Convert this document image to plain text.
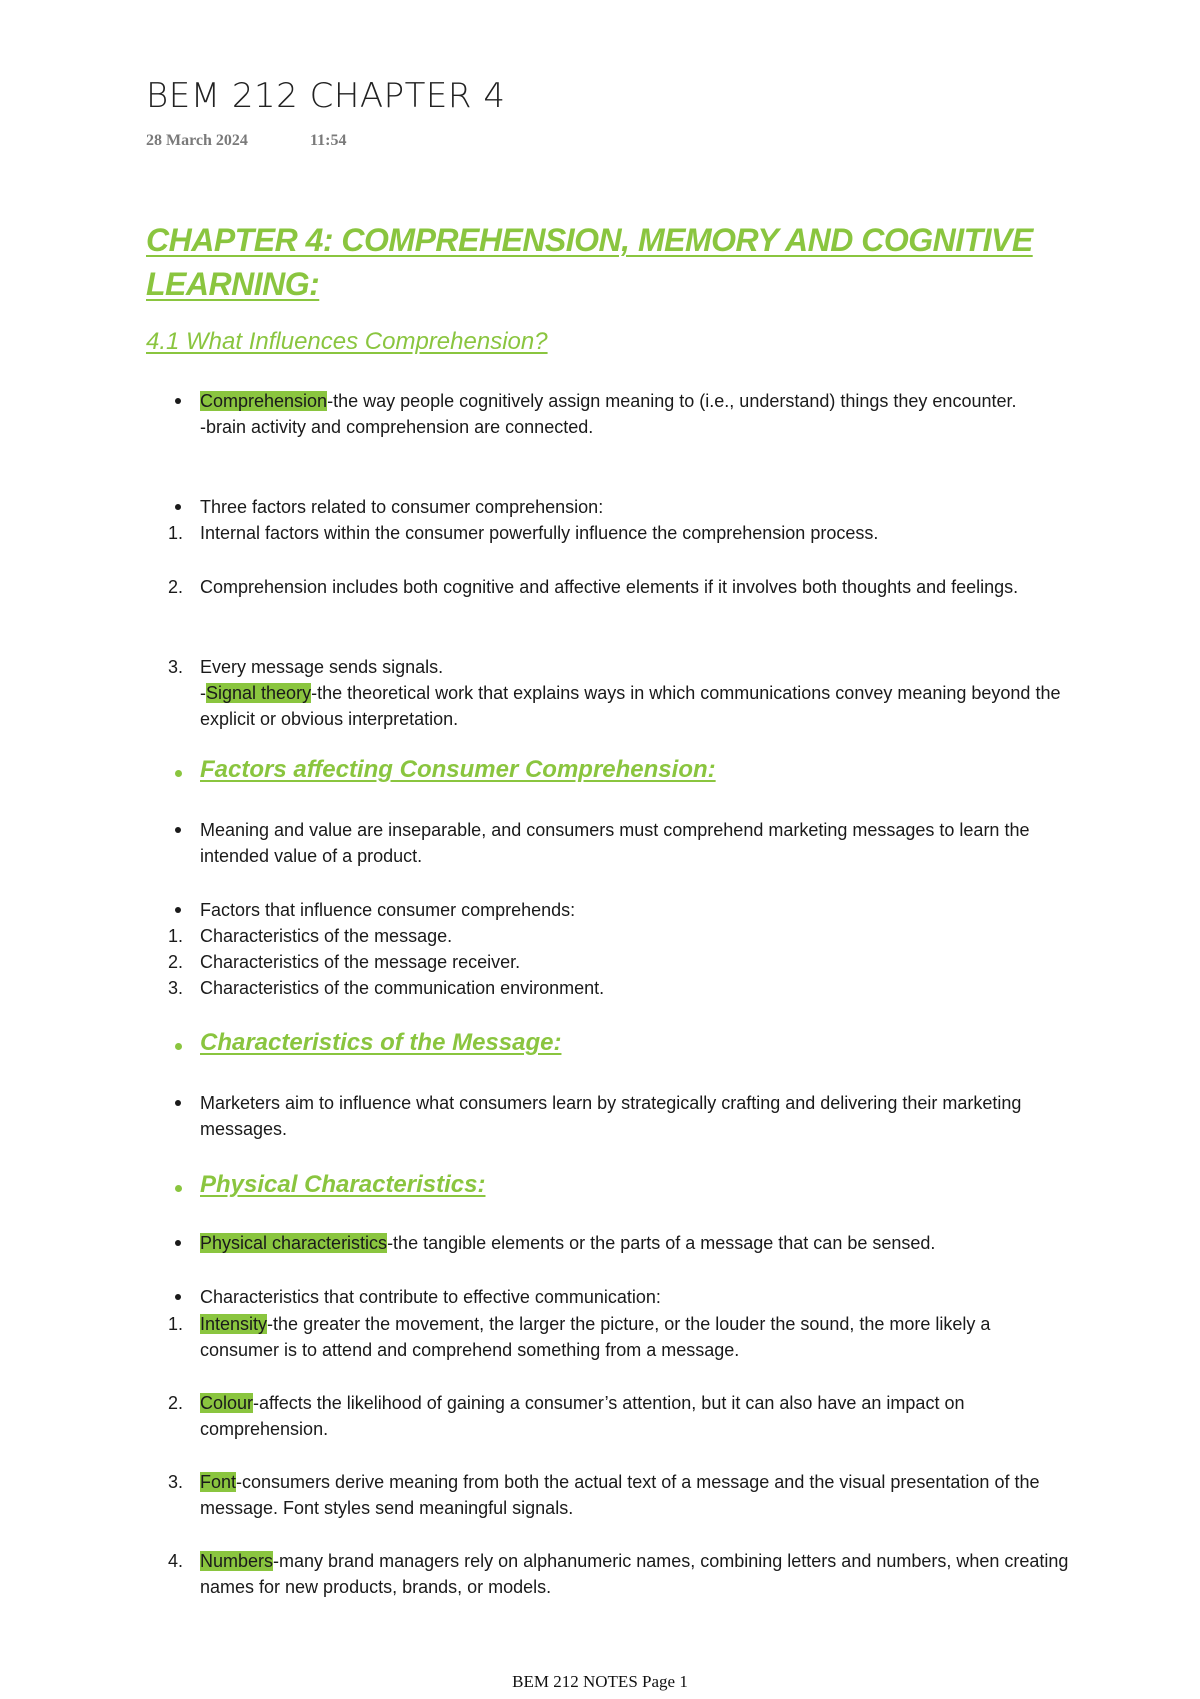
BEM 212 CHAPTER 4
28 March 2024	11:54
CHAPTER 4: COMPREHENSION, MEMORY AND COGNITIVE LEARNING:
4.1 What Influences Comprehension?
Comprehension-the way people cognitively assign meaning to (i.e., understand) things they encounter.
-brain activity and comprehension are connected.
Three factors related to consumer comprehension:
1. Internal factors within the consumer powerfully influence the comprehension process.
2. Comprehension includes both cognitive and affective elements if it involves both thoughts and feelings.
3. Every message sends signals.
-Signal theory-the theoretical work that explains ways in which communications convey meaning beyond the explicit or obvious interpretation.
Factors affecting Consumer Comprehension:
Meaning and value are inseparable, and consumers must comprehend marketing messages to learn the intended value of a product.
Factors that influence consumer comprehends:
1. Characteristics of the message.
2. Characteristics of the message receiver.
3. Characteristics of the communication environment.
Characteristics of the Message:
Marketers aim to influence what consumers learn by strategically crafting and delivering their marketing messages.
Physical Characteristics:
Physical characteristics-the tangible elements or the parts of a message that can be sensed.
Characteristics that contribute to effective communication:
1. Intensity-the greater the movement, the larger the picture, or the louder the sound, the more likely a consumer is to attend and comprehend something from a message.
2. Colour-affects the likelihood of gaining a consumer’s attention, but it can also have an impact on comprehension.
3. Font-consumers derive meaning from both the actual text of a message and the visual presentation of the message. Font styles send meaningful signals.
4. Numbers-many brand managers rely on alphanumeric names, combining letters and numbers, when creating names for new products, brands, or models.
BEM 212 NOTES Page 1
